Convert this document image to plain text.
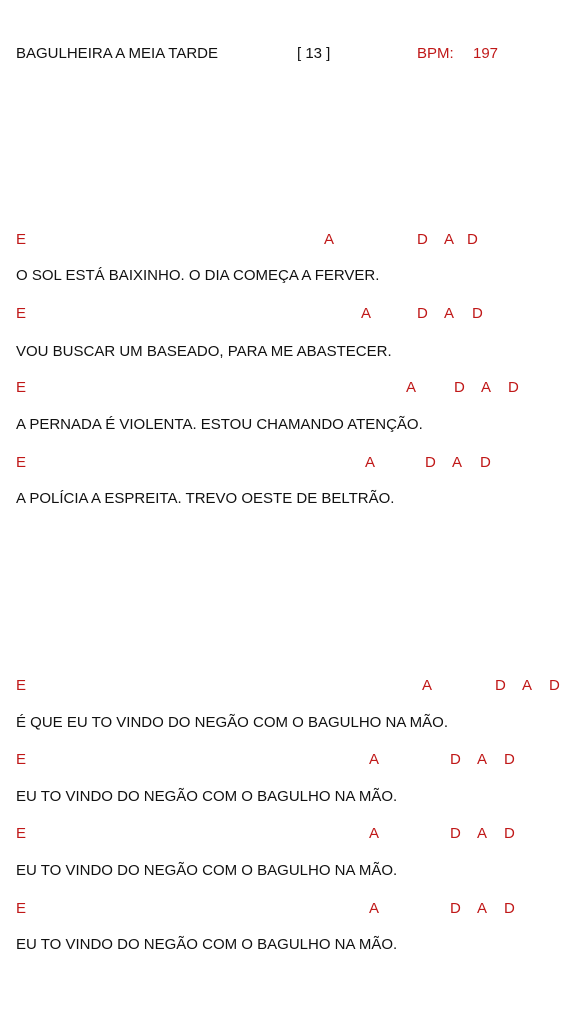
BAGULHEIRA A MEIA TARDE	[ 13 ]	BPM: 197
E	A	D A D
O SOL ESTÁ BAIXINHO. O DIA COMEÇA A FERVER.
E	A	D A D
VOU BUSCAR UM BASEADO, PARA ME ABASTECER.
E	A	D A D
A PERNADA É VIOLENTA. ESTOU CHAMANDO ATENÇÃO.
E	A	D A D
A POLÍCIA A ESPREITA. TREVO OESTE DE BELTRÃO.
E	A	D A D
É QUE EU TO VINDO DO NEGÃO COM O BAGULHO NA MÃO.
E	A	D A D
EU TO VINDO DO NEGÃO COM O BAGULHO NA MÃO.
E	A	D A D
EU TO VINDO DO NEGÃO COM O BAGULHO NA MÃO.
E	A	D A D
EU TO VINDO DO NEGÃO COM O BAGULHO NA MÃO.
